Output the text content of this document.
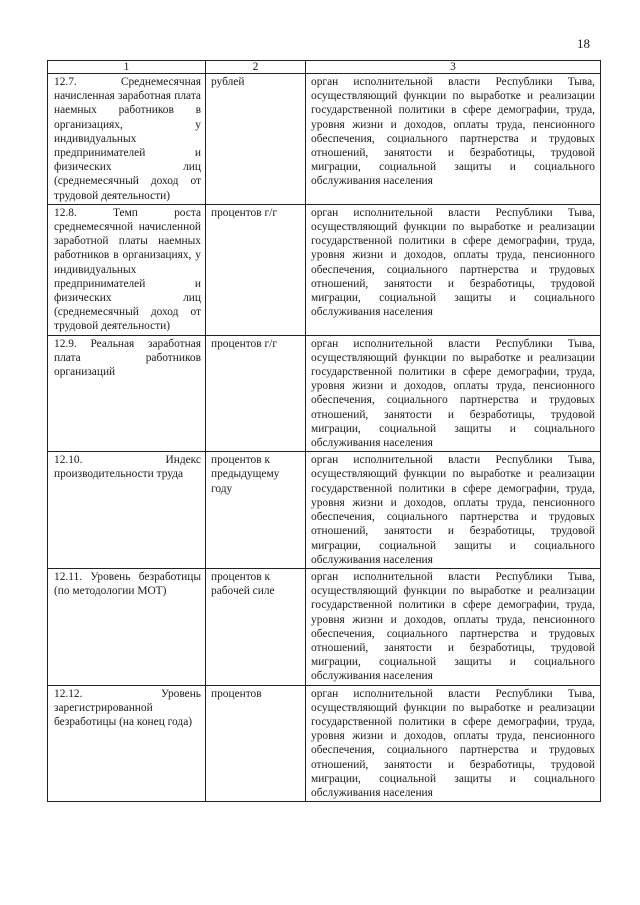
18
1	2	3
12.7. Среднемесячная начисленная заработная плата наемных работников в организациях, у индивидуальных предпринимателей и физических лиц (среднемесячный доход от трудовой деятельности)	рублей	орган исполнительной власти Республики Тыва, осуществляющий функции по выработке и реализации государственной политики в сфере демографии, труда, уровня жизни и доходов, оплаты труда, пенсионного обеспечения, социального партнерства и трудовых отношений, занятости и безработицы, трудовой миграции, социальной защиты и социального обслуживания населения
12.8. Темп роста среднемесячной начисленной заработной платы наемных работников в организациях, у индивидуальных предпринимателей и физических лиц (среднемесячный доход от трудовой деятельности)	процентов г/г	орган исполнительной власти Республики Тыва, осуществляющий функции по выработке и реализации государственной политики в сфере демографии, труда, уровня жизни и доходов, оплаты труда, пенсионного обеспечения, социального партнерства и трудовых отношений, занятости и безработицы, трудовой миграции, социальной защиты и социального обслуживания населения
12.9. Реальная заработная плата работников организаций	процентов г/г	орган исполнительной власти Республики Тыва, осуществляющий функции по выработке и реализации государственной политики в сфере демографии, труда, уровня жизни и доходов, оплаты труда, пенсионного обеспечения, социального партнерства и трудовых отношений, занятости и безработицы, трудовой миграции, социальной защиты и социального обслуживания населения
12.10. Индекс производительности труда	процентов к предыдущему году	орган исполнительной власти Республики Тыва, осуществляющий функции по выработке и реализации государственной политики в сфере демографии, труда, уровня жизни и доходов, оплаты труда, пенсионного обеспечения, социального партнерства и трудовых отношений, занятости и безработицы, трудовой миграции, социальной защиты и социального обслуживания населения
12.11. Уровень безработицы (по методологии МОТ)	процентов к рабочей силе	орган исполнительной власти Республики Тыва, осуществляющий функции по выработке и реализации государственной политики в сфере демографии, труда, уровня жизни и доходов, оплаты труда, пенсионного обеспечения, социального партнерства и трудовых отношений, занятости и безработицы, трудовой миграции, социальной защиты и социального обслуживания населения
12.12. Уровень зарегистрированной безработицы (на конец года)	процентов	орган исполнительной власти Республики Тыва, осуществляющий функции по выработке и реализации государственной политики в сфере демографии, труда, уровня жизни и доходов, оплаты труда, пенсионного обеспечения, социального партнерства и трудовых отношений, занятости и безработицы, трудовой миграции, социальной защиты и социального обслуживания населения
